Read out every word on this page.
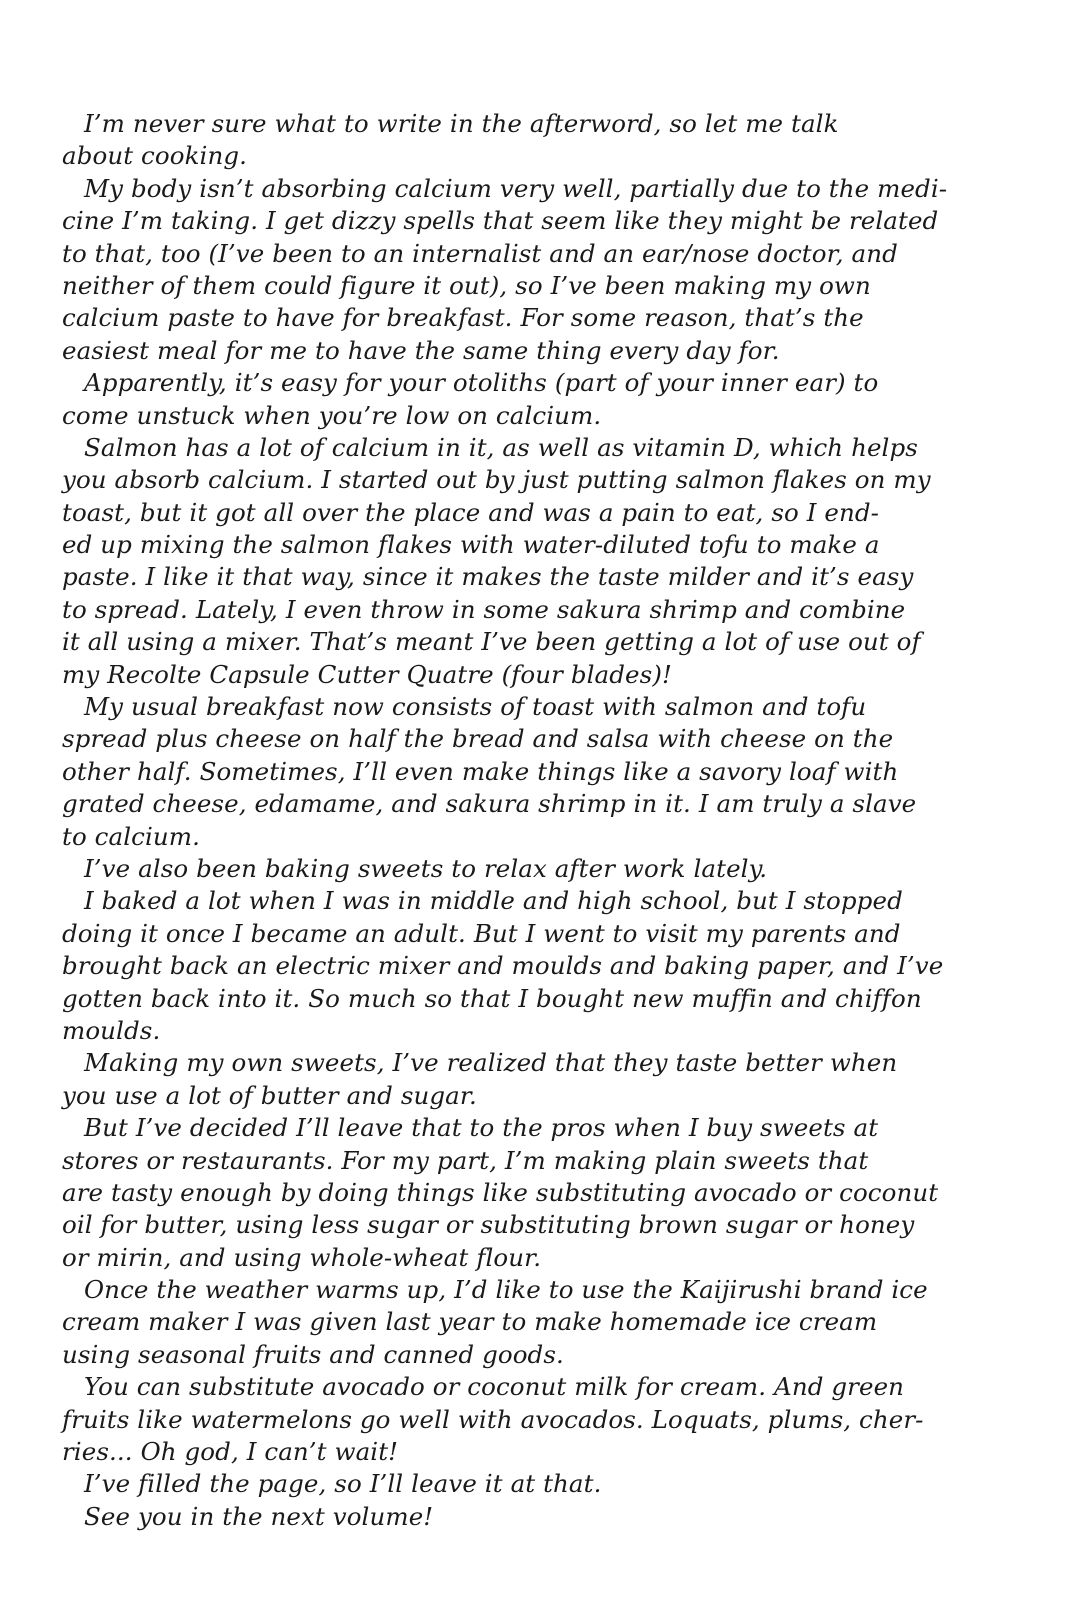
I’m never sure what to write in the afterword, so let me talk
about cooking.
My body isn’t absorbing calcium very well, partially due to the medi-
cine I’m taking. I get dizzy spells that seem like they might be related
to that, too (I’ve been to an internalist and an ear/nose doctor, and
neither of them could figure it out), so I’ve been making my own
calcium paste to have for breakfast. For some reason, that’s the
easiest meal for me to have the same thing every day for.
Apparently, it’s easy for your otoliths (part of your inner ear) to
come unstuck when you’re low on calcium.
Salmon has a lot of calcium in it, as well as vitamin D, which helps
you absorb calcium. I started out by just putting salmon flakes on my
toast, but it got all over the place and was a pain to eat, so I end-
ed up mixing the salmon flakes with water-diluted tofu to make a
paste. I like it that way, since it makes the taste milder and it’s easy
to spread. Lately, I even throw in some sakura shrimp and combine
it all using a mixer. That’s meant I’ve been getting a lot of use out of
my Recolte Capsule Cutter Quatre (four blades)!
My usual breakfast now consists of toast with salmon and tofu
spread plus cheese on half the bread and salsa with cheese on the
other half. Sometimes, I’ll even make things like a savory loaf with
grated cheese, edamame, and sakura shrimp in it. I am truly a slave
to calcium.
I’ve also been baking sweets to relax after work lately.
I baked a lot when I was in middle and high school, but I stopped
doing it once I became an adult. But I went to visit my parents and
brought back an electric mixer and moulds and baking paper, and I’ve
gotten back into it. So much so that I bought new muffin and chiffon
moulds.
Making my own sweets, I’ve realized that they taste better when
you use a lot of butter and sugar.
But I’ve decided I’ll leave that to the pros when I buy sweets at
stores or restaurants. For my part, I’m making plain sweets that
are tasty enough by doing things like substituting avocado or coconut
oil for butter, using less sugar or substituting brown sugar or honey
or mirin, and using whole-wheat flour.
Once the weather warms up, I’d like to use the Kaijirushi brand ice
cream maker I was given last year to make homemade ice cream
using seasonal fruits and canned goods.
You can substitute avocado or coconut milk for cream. And green
fruits like watermelons go well with avocados. Loquats, plums, cher-
ries... Oh god, I can’t wait!
I’ve filled the page, so I’ll leave it at that.
See you in the next volume!
